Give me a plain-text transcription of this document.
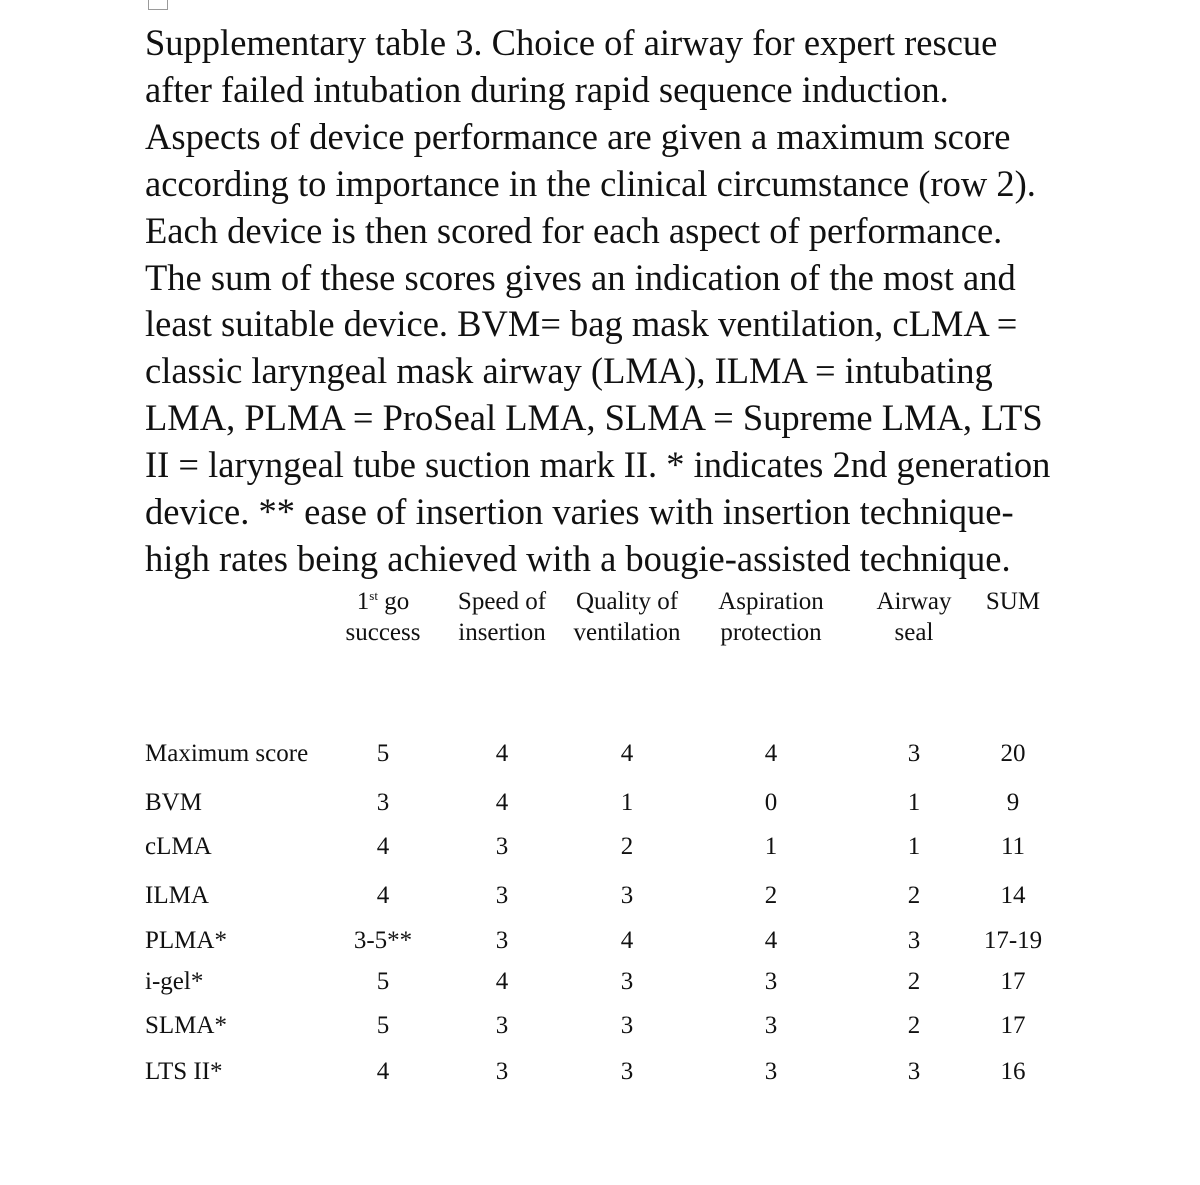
Supplementary table 3. Choice of airway for expert rescue
after failed intubation during rapid sequence induction.
Aspects of device performance are given a maximum score
according to importance in the clinical circumstance (row 2).
Each device is then scored for each aspect of performance.
The sum of these scores gives an indication of the most and
least suitable device. BVM= bag mask ventilation, cLMA =
classic laryngeal mask airway (LMA), ILMA = intubating
LMA, PLMA = ProSeal LMA, SLMA = Supreme LMA, LTS
II = laryngeal tube suction mark II. * indicates 2nd generation
device. ** ease of insertion varies with insertion technique-
high rates being achieved with a bougie-assisted technique.

1st go
success
Speed of
insertion
Quality of
ventilation
Aspiration
protection
Airway
seal
SUM
Maximum score	5	4	4	4	3	20
BVM	3	4	1	0	1	9
cLMA	4	3	2	1	1	11
ILMA	4	3	3	2	2	14
PLMA*	3-5**	3	4	4	3	17-19
i-gel*	5	4	3	3	2	17
SLMA*	5	3	3	3	2	17
LTS II*	4	3	3	3	3	16
